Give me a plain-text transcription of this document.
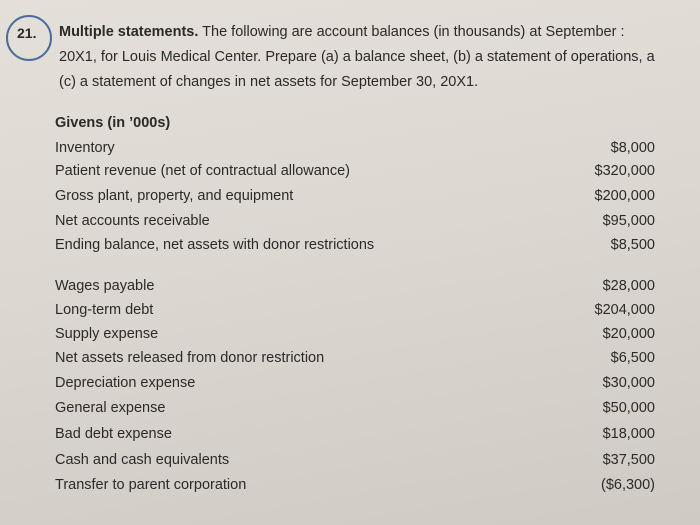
21. Multiple statements. The following are account balances (in thousands) at September :
20X1, for Louis Medical Center. Prepare (a) a balance sheet, (b) a statement of operations, a
(c) a statement of changes in net assets for September 30, 20X1.
Givens (in ’000s)
Inventory	$8,000
Patient revenue (net of contractual allowance)	$320,000
Gross plant, property, and equipment	$200,000
Net accounts receivable	$95,000
Ending balance, net assets with donor restrictions	$8,500
Wages payable	$28,000
Long-term debt	$204,000
Supply expense	$20,000
Net assets released from donor restriction	$6,500
Depreciation expense	$30,000
General expense	$50,000
Bad debt expense	$18,000
Cash and cash equivalents	$37,500
Transfer to parent corporation	($6,300)
